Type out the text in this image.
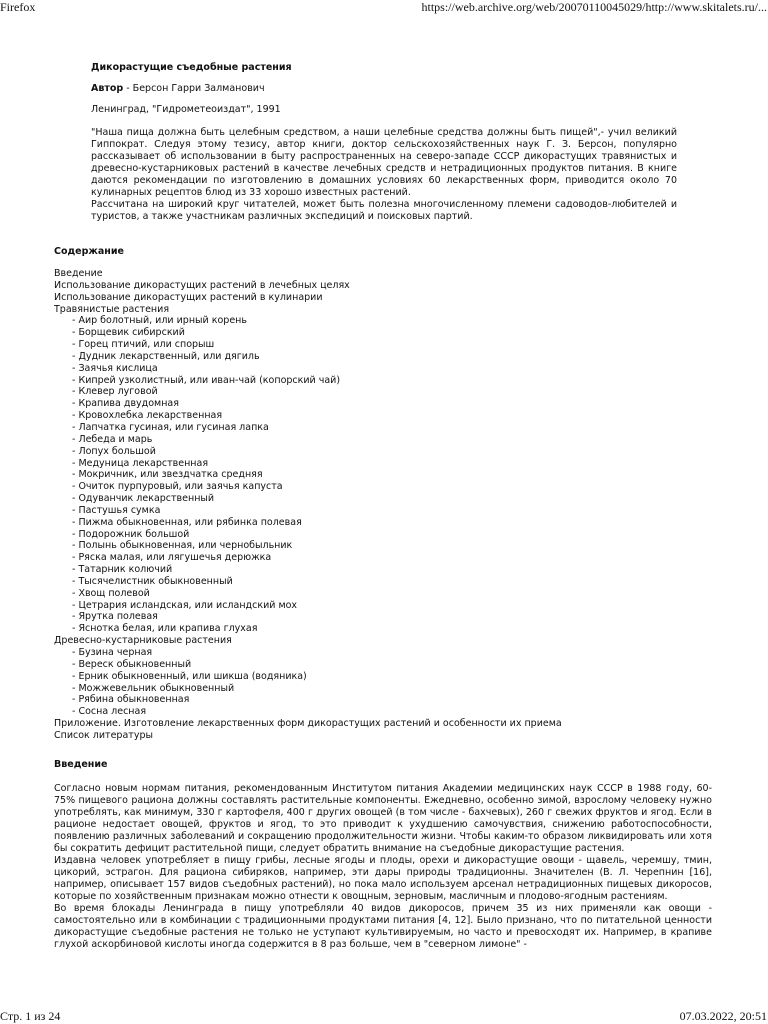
Firefox	https://web.archive.org/web/20070110045029/http://www.skitalets.ru/...
Дикорастущие съедобные растения
Автор - Берсон Гарри Залманович
Ленинград, "Гидрометеоиздат", 1991

"Наша пища должна быть целебным средством, а наши целебные средства должны быть пищей",- учил великий Гиппократ. Следуя этому тезису, автор книги, доктор сельскохозяйственных наук Г. З. Берсон, популярно рассказывает об использовании в быту распространенных на северо-западе СССР дикорастущих травянистых и древесно-кустарниковых растений в качестве лечебных средств и нетрадиционных продуктов питания. В книге даются рекомендации по изготовлению в домашних условиях 60 лекарственных форм, приводится около 70 кулинарных рецептов блюд из 33 хорошо известных растений.

Рассчитана на широкий круг читателей, может быть полезна многочисленному племени садоводов-любителей и туристов, а также участникам различных экспедиций и поисковых партий.

Содержание
Введение
Использование дикорастущих растений в лечебных целях
Использование дикорастущих растений в кулинарии
Травянистые растения
- Аир болотный, или ирный корень
- Борщевик сибирский
- Горец птичий, или спорыш
- Дудник лекарственный, или дягиль
- Заячья кислица
- Кипрей узколистный, или иван-чай (копорский чай)
- Клевер луговой
- Крапива двудомная
- Кровохлебка лекарственная
- Лапчатка гусиная, или гусиная лапка
- Лебеда и марь
- Лопух большой
- Медуница лекарственная
- Мокричник, или звездчатка средняя
- Очиток пурпуровый, или заячья капуста
- Одуванчик лекарственный
- Пастушья сумка
- Пижма обыкновенная, или рябинка полевая
- Подорожник большой
- Полынь обыкновенная, или чернобыльник
- Ряска малая, или лягушечья дерюжка
- Татарник колючий
- Тысячелистник обыкновенный
- Хвощ полевой
- Цетрария исландская, или исландский мох
- Ярутка полевая
- Яснотка белая, или крапива глухая
Древесно-кустарниковые растения
- Бузина черная
- Вереск обыкновенный
- Ерник обыкновенный, или шикша (водяника)
- Можжевельник обыкновенный
- Рябина обыкновенная
- Сосна лесная
Приложение. Изготовление лекарственных форм дикорастущих растений и особенности их приема
Список литературы
Введение

Согласно новым нормам питания, рекомендованным Институтом питания Академии медицинских наук СССР в 1988 году, 60-75% пищевого рациона должны составлять растительные компоненты. Ежедневно, особенно зимой, взрослому человеку нужно употреблять, как минимум, 330 г картофеля, 400 г других овощей (в том числе - бахчевых), 260 г свежих фруктов и ягод. Если в рационе недостает овощей, фруктов и ягод, то это приводит к ухудшению самочувствия, снижению работоспособности, появлению различных заболеваний и сокращению продолжительности жизни. Чтобы каким-то образом ликвидировать или хотя бы сократить дефицит растительной пищи, следует обратить внимание на съедобные дикорастущие растения.

Издавна человек употребляет в пищу грибы, лесные ягоды и плоды, орехи и дикорастущие овощи - щавель, черемшу, тмин, цикорий, эстрагон. Для рациона сибиряков, например, эти дары природы традиционны. Значителен (В. Л. Черепнин [16], например, описывает 157 видов съедобных растений), но пока мало используем арсенал нетрадиционных пищевых дикоросов, которые по хозяйственным признакам можно отнести к овощным, зерновым, масличным и плодово-ягодным растениям.

Во время блокады Ленинграда в пищу употребляли 40 видов дикоросов, причем 35 из них применяли как овощи - самостоятельно или в комбинации с традиционными продуктами питания [4, 12]. Было признано, что по питательной ценности дикорастущие съедобные растения не только не уступают культивируемым, но часто и превосходят их. Например, в крапиве глухой аскорбиновой кислоты иногда содержится в 8 раз больше, чем в "северном лимоне" -

Стр. 1 из 24	07.03.2022, 20:51
